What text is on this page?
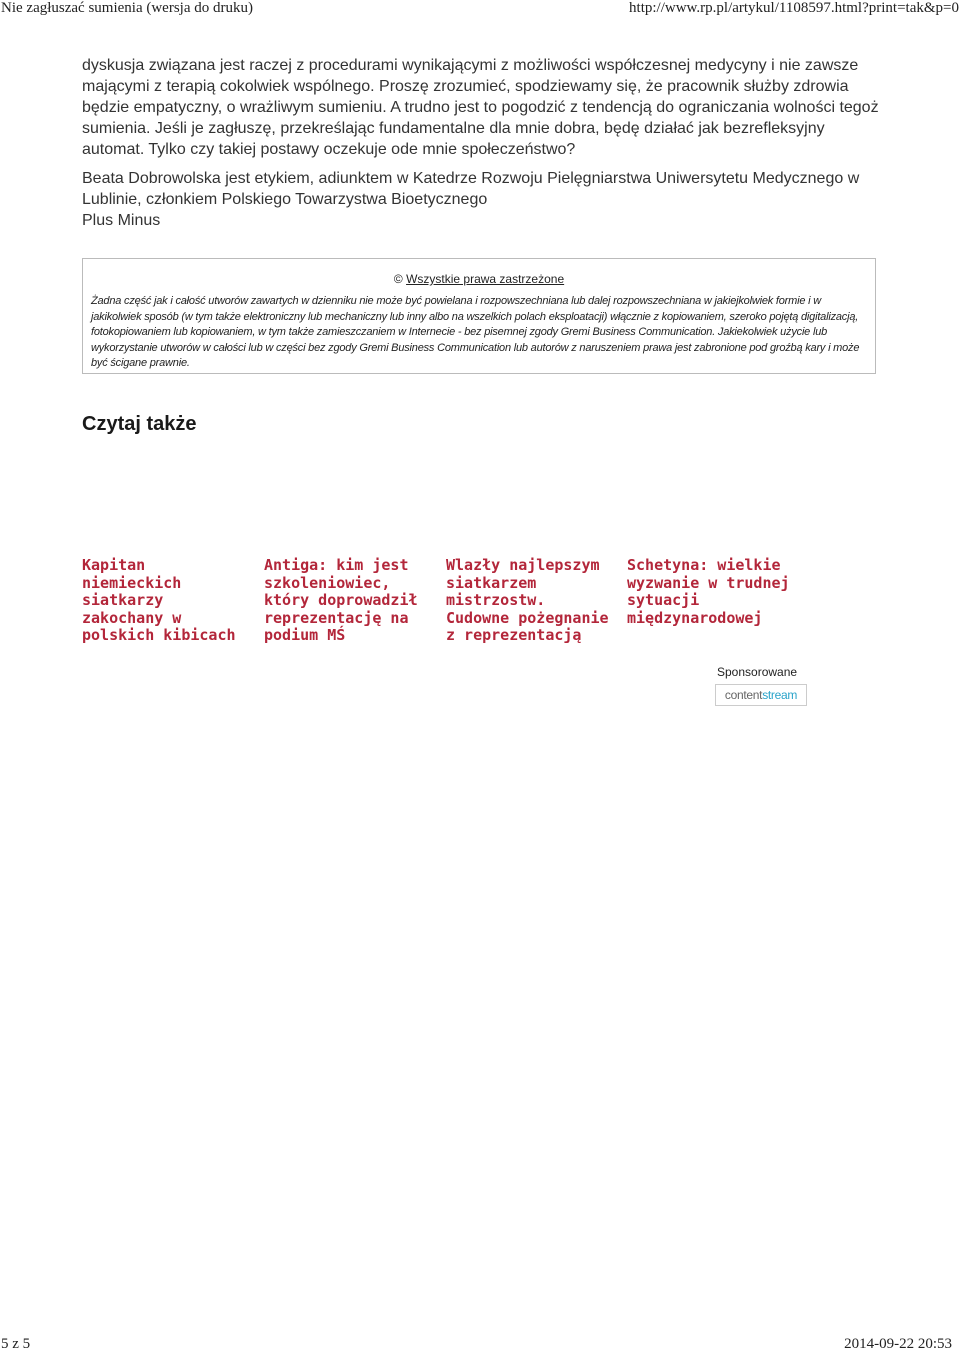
Nie zagłuszać sumienia (wersja do druku)	http://www.rp.pl/artykul/1108597.html?print=tak&p=0

dyskusja związana jest raczej z procedurami wynikającymi z możliwości współczesnej medycyny i nie zawsze mającymi z terapią cokolwiek wspólnego. Proszę zrozumieć, spodziewamy się, że pracownik służby zdrowia będzie empatyczny, o wrażliwym sumieniu. A trudno jest to pogodzić z tendencją do ograniczania wolności tegoż sumienia. Jeśli je zagłuszę, przekreślając fundamentalne dla mnie dobra, będę działać jak bezrefleksyjny automat. Tylko czy takiej postawy oczekuje ode mnie społeczeństwo?

Beata Dobrowolska jest etykiem, adiunktem w Katedrze Rozwoju Pielęgniarstwa Uniwersytetu Medycznego w Lublinie, członkiem Polskiego Towarzystwa Bioetycznego

Plus Minus

© Wszystkie prawa zastrzeżone
Żadna część jak i całość utworów zawartych w dzienniku nie może być powielana i rozpowszechniana lub dalej rozpowszechniana w jakiejkolwiek formie i w jakikolwiek sposób (w tym także elektroniczny lub mechaniczny lub inny albo na wszelkich polach eksploatacji) włącznie z kopiowaniem, szeroko pojętą digitalizacją, fotokopiowaniem lub kopiowaniem, w tym także zamieszczaniem w Internecie - bez pisemnej zgody Gremi Business Communication. Jakiekolwiek użycie lub wykorzystanie utworów w całości lub w części bez zgody Gremi Business Communication lub autorów z naruszeniem prawa jest zabronione pod groźbą kary i może być ścigane prawnie.
Czytaj także
Kapitan niemieckich siatkarzy zakochany w polskich kibicach
Antiga: kim jest szkoleniowiec, który doprowadził reprezentację na podium MŚ
Wlazły najlepszym siatkarzem mistrzostw. Cudowne pożegnanie z reprezentacją
Schetyna: wielkie wyzwanie w trudnej sytuacji międzynarodowej
Sponsorowane
contentstream
5 z 5	2014-09-22 20:53
